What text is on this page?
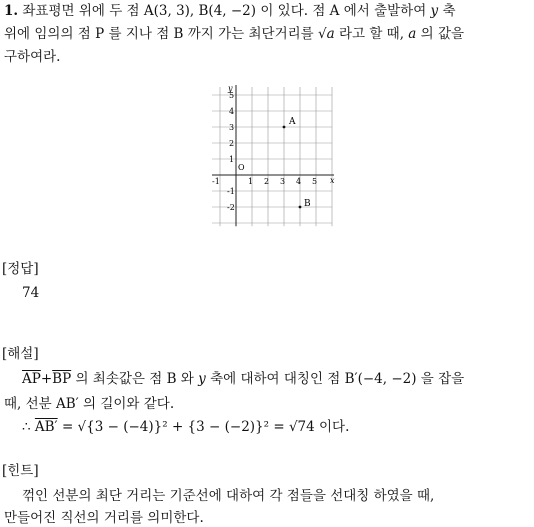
1. 좌표평면 위에 두 점 A(3, 3), B(4, −2) 이 있다. 점 A 에서 출발하여 y 축
위에 임의의 점 P 를 지나 점 B 까지 가는 최단거리를 √a 라고 할 때, a 의 값을
구하여라.
x
y
O
-1	1 2 3 4 5
5
4
3
2
1
-1
-2
A
B
[정답]
74
[해설]
$\overline{AP}+\overline{BP}$ 의 최솟값은 점 B 와 y 축에 대하여 대칭인 점 B′(−4, −2) 을 잡을
때, 선분 AB′ 의 길이와 같다.
∴ AB′ = √{3 − (−4)}² + {3 − (−2)}² = √74 이다.
[힌트]
꺾인 선분의 최단 거리는 기준선에 대하여 각 점들을 선대칭 하였을 때,
만들어진 직선의 거리를 의미한다.
